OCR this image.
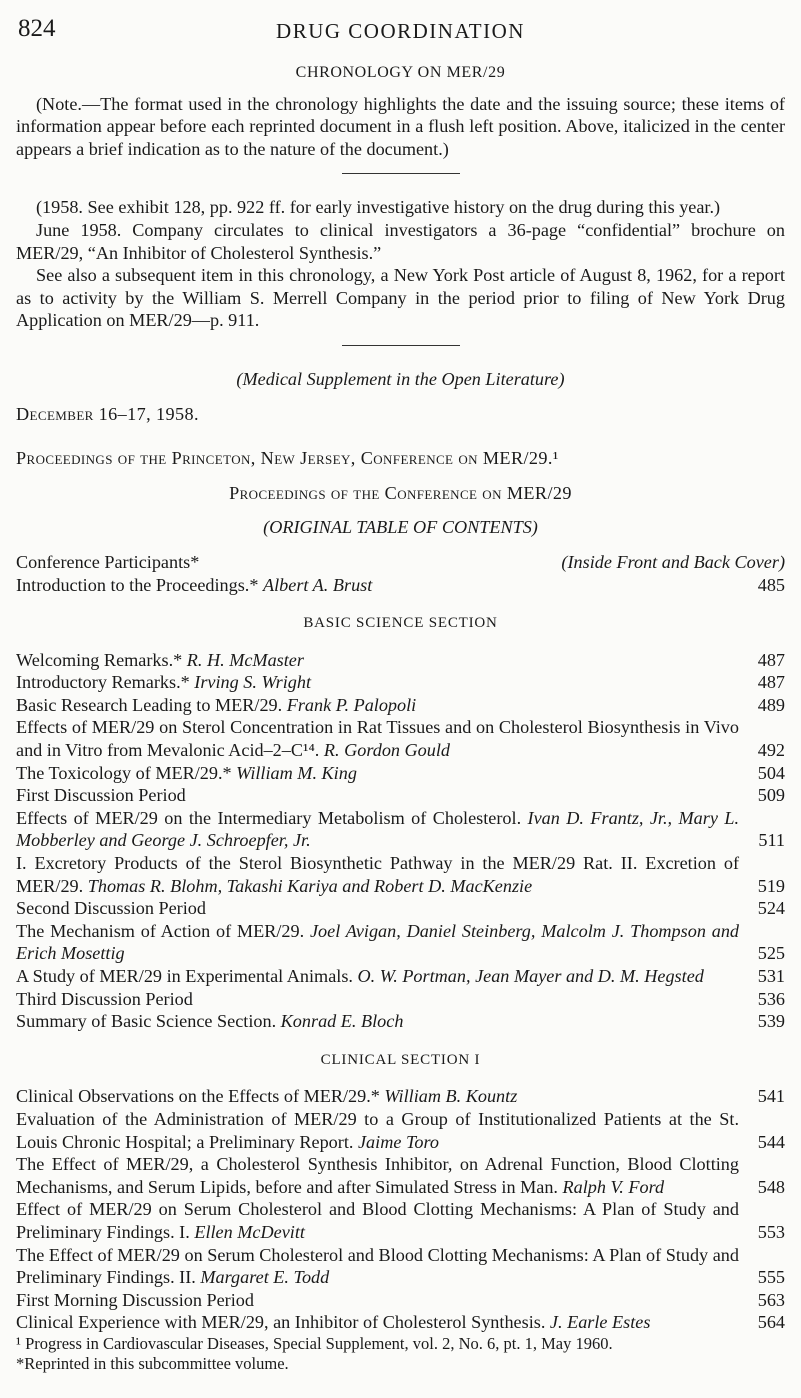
824	DRUG COORDINATION
CHRONOLOGY ON MER/29

(Note.—The format used in the chronology highlights the date and the issuing source; these items of information appear before each reprinted document in a flush left position. Above, italicized in the center appears a brief indication as to the nature of the document.)

(1958. See exhibit 128, pp. 922 ff. for early investigative history on the drug during this year.)

June 1958. Company circulates to clinical investigators a 36-page “confidential” brochure on MER/29, “An Inhibitor of Cholesterol Synthesis.”

See also a subsequent item in this chronology, a New York Post article of August 8, 1962, for a report as to activity by the William S. Merrell Company in the period prior to filing of New York Drug Application on MER/29—p. 911.

(Medical Supplement in the Open Literature)

December 16–17, 1958.

Proceedings of the Princeton, New Jersey, Conference on MER/29.¹

Proceedings of the Conference on MER/29

(ORIGINAL TABLE OF CONTENTS)

Conference Participants*	(Inside Front and Back Cover)
Introduction to the Proceedings.* Albert A. Brust	485
BASIC SCIENCE SECTION
Welcoming Remarks.* R. H. McMaster	487
Introductory Remarks.* Irving S. Wright	487
Basic Research Leading to MER/29. Frank P. Palopoli	489
Effects of MER/29 on Sterol Concentration in Rat Tissues and on Cholesterol Biosynthesis in Vivo and in Vitro from Mevalonic Acid–2–C¹⁴. R. Gordon Gould	492
The Toxicology of MER/29.* William M. King	504
First Discussion Period	509
Effects of MER/29 on the Intermediary Metabolism of Cholesterol. Ivan D. Frantz, Jr., Mary L. Mobberley and George J. Schroepfer, Jr.	511
I. Excretory Products of the Sterol Biosynthetic Pathway in the MER/29 Rat. II. Excretion of MER/29. Thomas R. Blohm, Takashi Kariya and Robert D. MacKenzie	519
Second Discussion Period	524
The Mechanism of Action of MER/29. Joel Avigan, Daniel Steinberg, Malcolm J. Thompson and Erich Mosettig	525
A Study of MER/29 in Experimental Animals. O. W. Portman, Jean Mayer and D. M. Hegsted	531
Third Discussion Period	536
Summary of Basic Science Section. Konrad E. Bloch	539
CLINICAL SECTION I
Clinical Observations on the Effects of MER/29.* William B. Kountz	541
Evaluation of the Administration of MER/29 to a Group of Institutionalized Patients at the St. Louis Chronic Hospital; a Preliminary Report. Jaime Toro	544
The Effect of MER/29, a Cholesterol Synthesis Inhibitor, on Adrenal Function, Blood Clotting Mechanisms, and Serum Lipids, before and after Simulated Stress in Man. Ralph V. Ford	548
Effect of MER/29 on Serum Cholesterol and Blood Clotting Mechanisms: A Plan of Study and Preliminary Findings. I. Ellen McDevitt	553
The Effect of MER/29 on Serum Cholesterol and Blood Clotting Mechanisms: A Plan of Study and Preliminary Findings. II. Margaret E. Todd	555
First Morning Discussion Period	563
Clinical Experience with MER/29, an Inhibitor of Cholesterol Synthesis. J. Earle Estes	564
¹ Progress in Cardiovascular Diseases, Special Supplement, vol. 2, No. 6, pt. 1, May 1960.
*Reprinted in this subcommittee volume.
